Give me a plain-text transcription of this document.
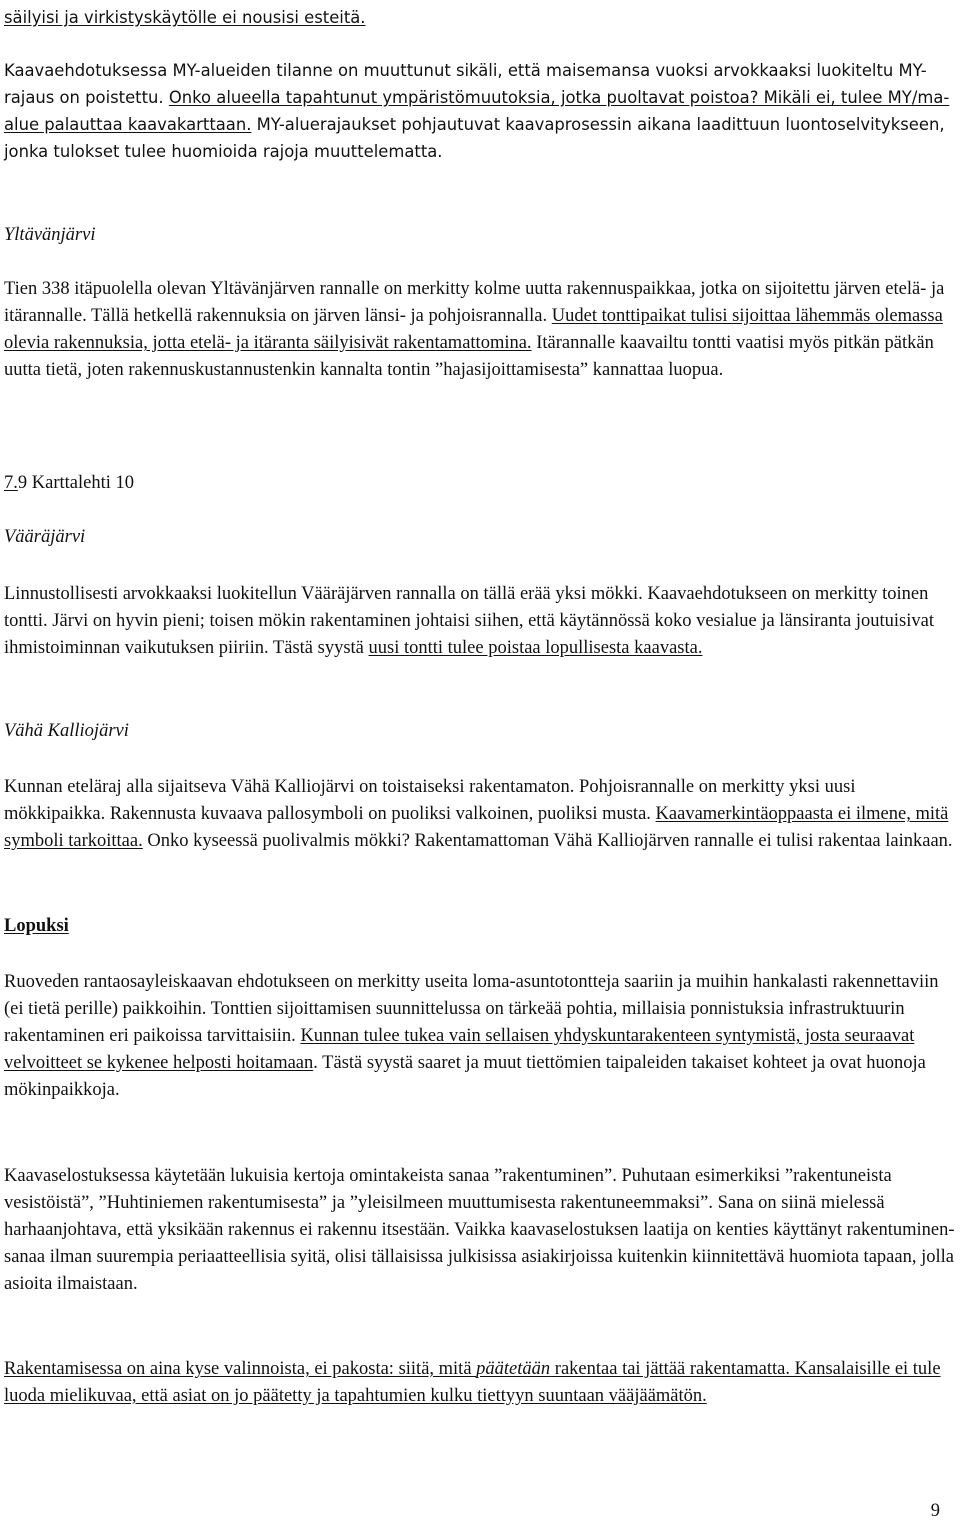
säilyisi ja virkistyskäytölle ei nousisi esteitä.

Kaavaehdotuksessa MY-alueiden tilanne on muuttunut sikäli, että maisemansa vuoksi arvokkaaksi luokiteltu MY-rajaus on poistettu. Onko alueella tapahtunut ympäristömuutoksia, jotka puoltavat poistoa? Mikäli ei, tulee MY/ma-alue palauttaa kaavakarttaan. MY-aluerajaukset pohjautuvat kaavaprosessin aikana laadittuun luontoselvitykseen, jonka tulokset tulee huomioida rajoja muuttelematta.

Yltävänjärvi

Tien 338 itäpuolella olevan Yltävänjärven rannalle on merkitty kolme uutta rakennuspaikkaa, jotka on sijoitettu järven etelä- ja itärannalle. Tällä hetkellä rakennuksia on järven länsi- ja pohjoisrannalla. Uudet tonttipaikat tulisi sijoittaa lähemmäs olemassa olevia rakennuksia, jotta etelä- ja itäranta säilyisivät rakentamattomina. Itärannalle kaavailtu tontti vaatisi myös pitkän pätkän uutta tietä, joten rakennuskustannustenkin kannalta tontin ”hajasijoittamisesta” kannattaa luopua.

7.9 Karttalehti 10

Vääräjärvi

Linnustollisesti arvokkaaksi luokitellun Vääräjärven rannalla on tällä erää yksi mökki. Kaavaehdotukseen on merkitty toinen tontti. Järvi on hyvin pieni; toisen mökin rakentaminen johtaisi siihen, että käytännössä koko vesialue ja länsiranta joutuisivat ihmistoiminnan vaikutuksen piiriin. Tästä syystä uusi tontti tulee poistaa lopullisesta kaavasta.

Vähä Kalliojärvi

Kunnan eteläraj alla sijaitseva Vähä Kalliojärvi on toistaiseksi rakentamaton. Pohjoisrannalle on merkitty yksi uusi mökkipaikka. Rakennusta kuvaava pallosymboli on puoliksi valkoinen, puoliksi musta. Kaavamerkintäoppaasta ei ilmene, mitä symboli tarkoittaa. Onko kyseessä puolivalmis mökki? Rakentamattoman Vähä Kalliojärven rannalle ei tulisi rakentaa lainkaan.

Lopuksi

Ruoveden rantaosayleiskaavan ehdotukseen on merkitty useita loma-asuntotontteja saariin ja muihin hankalasti rakennettaviin (ei tietä perille) paikkoihin. Tonttien sijoittamisen suunnittelussa on tärkeää pohtia, millaisia ponnistuksia infrastruktuurin rakentaminen eri paikoissa tarvittaisiin. Kunnan tulee tukea vain sellaisen yhdyskuntarakenteen syntymistä, josta seuraavat velvoitteet se kykenee helposti hoitamaan. Tästä syystä saaret ja muut tiettömien taipaleiden takaiset kohteet ja ovat huonoja mökinpaikkoja.

Kaavaselostuksessa käytetään lukuisia kertoja omintakeista sanaa ”rakentuminen”. Puhutaan esimerkiksi ”rakentuneista vesistöistä”, ”Huhtiniemen rakentumisesta” ja ”yleisilmeen muuttumisesta rakentuneemmaksi”. Sana on siinä mielessä harhaanjohtava, että yksikään rakennus ei rakennu itsestään. Vaikka kaavaselostuksen laatija on kenties käyttänyt rakentuminen-sanaa ilman suurempia periaatteellisia syitä, olisi tällaisissa julkisissa asiakirjoissa kuitenkin kiinnitettävä huomiota tapaan, jolla asioita ilmaistaan.

Rakentamisessa on aina kyse valinnoista, ei pakosta: siitä, mitä päätetään rakentaa tai jättää rakentamatta. Kansalaisille ei tule luoda mielikuvaa, että asiat on jo päätetty ja tapahtumien kulku tiettyyn suuntaan vääjäämätön.

9
